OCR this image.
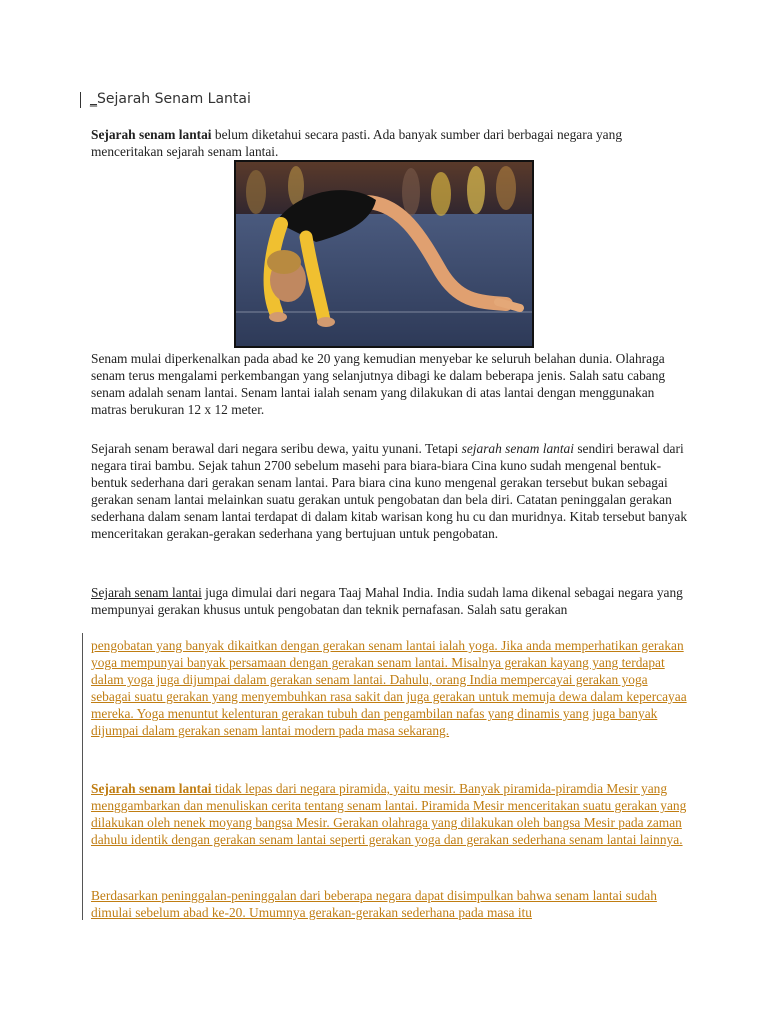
_Sejarah Senam Lantai

Sejarah senam lantai belum diketahui secara pasti. Ada banyak sumber dari berbagai negara yang menceritakan sejarah senam lantai.

Senam mulai diperkenalkan pada abad ke 20 yang kemudian menyebar ke seluruh belahan dunia. Olahraga senam terus mengalami perkembangan yang selanjutnya dibagi ke dalam beberapa jenis. Salah satu cabang senam adalah senam lantai. Senam lantai ialah senam yang dilakukan di atas lantai dengan menggunakan matras berukuran 12 x 12 meter.

Sejarah senam berawal dari negara seribu dewa, yaitu yunani. Tetapi sejarah senam lantai sendiri berawal dari negara tirai bambu. Sejak tahun 2700 sebelum masehi para biara-biara Cina kuno sudah mengenal bentuk-bentuk sederhana dari gerakan senam lantai. Para biara cina kuno mengenal gerakan tersebut bukan sebagai gerakan senam lantai melainkan suatu gerakan untuk pengobatan dan bela diri. Catatan peninggalan gerakan sederhana dalam senam lantai terdapat di dalam kitab warisan kong hu cu dan muridnya. Kitab tersebut banyak menceritakan gerakan-gerakan sederhana yang bertujuan untuk pengobatan.

Sejarah senam lantai juga dimulai dari negara Taaj Mahal India. India sudah lama dikenal sebagai negara yang mempunyai gerakan khusus untuk pengobatan dan teknik pernafasan. Salah satu gerakan

pengobatan yang banyak dikaitkan dengan gerakan senam lantai ialah yoga. Jika anda memperhatikan gerakan yoga mempunyai banyak persamaan dengan gerakan senam lantai. Misalnya gerakan kayang yang terdapat dalam yoga juga dijumpai dalam gerakan senam lantai. Dahulu, orang India mempercayai gerakan yoga sebagai suatu gerakan yang menyembuhkan rasa sakit dan juga gerakan untuk memuja dewa dalam kepercayaa mereka. Yoga menuntut kelenturan gerakan tubuh dan pengambilan nafas yang dinamis yang juga banyak dijumpai dalam gerakan senam lantai modern pada masa sekarang.

Sejarah senam lantai tidak lepas dari negara piramida, yaitu mesir. Banyak piramida-piramdia Mesir yang menggambarkan dan menuliskan cerita tentang senam lantai. Piramida Mesir menceritakan suatu gerakan yang dilakukan oleh nenek moyang bangsa Mesir. Gerakan olahraga yang dilakukan oleh bangsa Mesir pada zaman dahulu identik dengan gerakan senam lantai seperti gerakan yoga dan gerakan sederhana senam lantai lainnya.

Berdasarkan peninggalan-peninggalan dari beberapa negara dapat disimpulkan bahwa senam lantai sudah dimulai sebelum abad ke-20. Umumnya gerakan-gerakan sederhana pada masa itu
